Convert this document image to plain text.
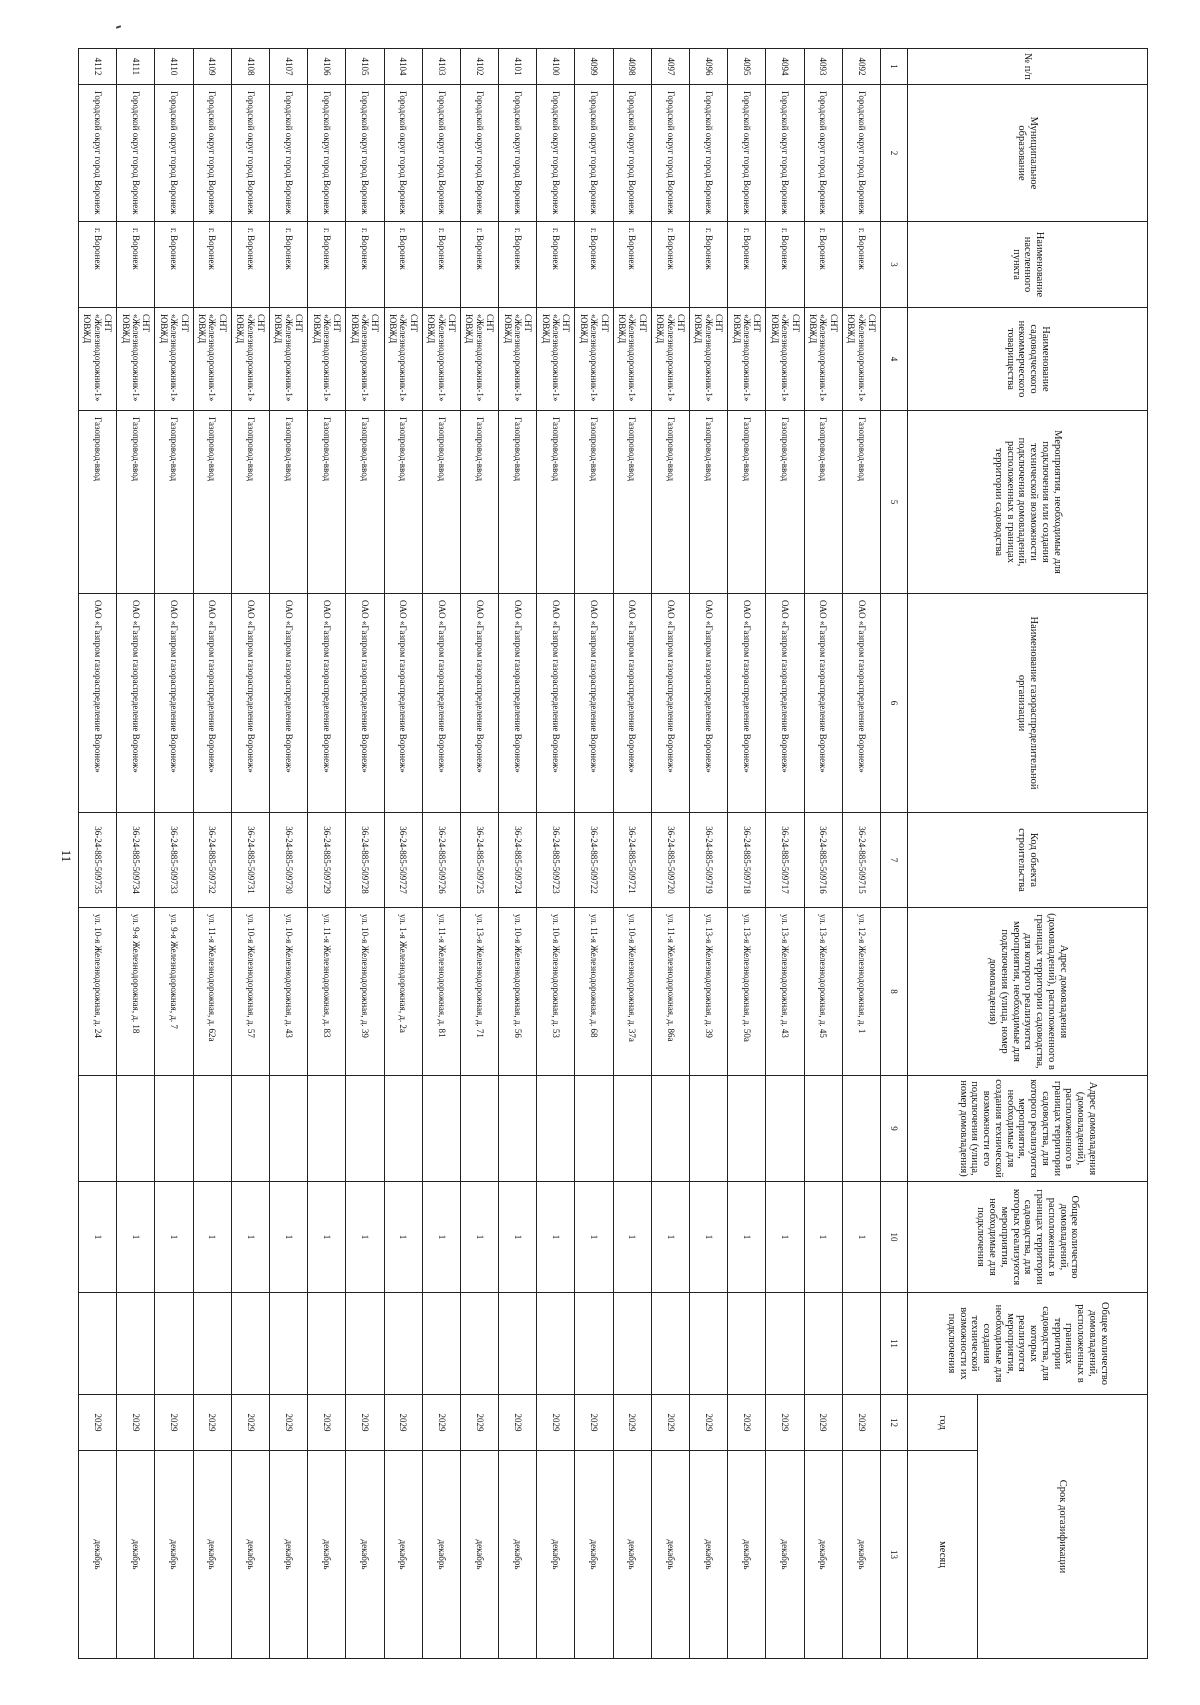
11
№ п/п	Муниципальное образование	Наименование населенного пункта	Наименование садоводческого некоммерческого товарищества	Мероприятия, необходимые для подключения или создания технической возможности подключения домовладений, расположенных в границах территории садоводства	Наименование газораспределительной организации	Код объекта строительства	Адрес домовладения (домовладений), расположенного в границах территории садоводства, для которого реализуются мероприятия, необходимые для подключения (улица, номер домовладения)	Адрес домовладения (домовладений), расположенного в границах территории садоводства, для которого реализуются мероприятия, необходимые для создания технической возможности его подключения (улица, номер домовладения)	Общее количество домовладений, расположенных в границах территории садоводства, для которых реализуются мероприятия, необходимые для подключения	Общее количество домовладений, расположенных в границах территории садоводства, для которых реализуются мероприятия, необходимые для создания технической возможности их подключения	Срок догазификации	
											год	месяц
1	2	3	4	5	6	7	8	9	10	11	12	13
4092	Городской округ город Воронеж	г. Воронеж	СНТ «Железнодорожник-1» ЮВЖД	Газопровод-ввод	ОАО «Газпром газораспределение Воронеж»	36-24-885-509715	ул. 12-я Железнодорожная, д. 1		1		2029	декабрь
4093	Городской округ город Воронеж	г. Воронеж	СНТ «Железнодорожник-1» ЮВЖД	Газопровод-ввод	ОАО «Газпром газораспределение Воронеж»	36-24-885-509716	ул. 13-я Железнодорожная, д. 45		1		2029	декабрь
4094	Городской округ город Воронеж	г. Воронеж	СНТ «Железнодорожник-1» ЮВЖД	Газопровод-ввод	ОАО «Газпром газораспределение Воронеж»	36-24-885-509717	ул. 13-я Железнодорожная, д. 43		1		2029	декабрь
4095	Городской округ город Воронеж	г. Воронеж	СНТ «Железнодорожник-1» ЮВЖД	Газопровод-ввод	ОАО «Газпром газораспределение Воронеж»	36-24-885-509718	ул. 13-я Железнодорожная, д. 50а		1		2029	декабрь
4096	Городской округ город Воронеж	г. Воронеж	СНТ «Железнодорожник-1» ЮВЖД	Газопровод-ввод	ОАО «Газпром газораспределение Воронеж»	36-24-885-509719	ул. 13-я Железнодорожная, д. 39		1		2029	декабрь
4097	Городской округ город Воронеж	г. Воронеж	СНТ «Железнодорожник-1» ЮВЖД	Газопровод-ввод	ОАО «Газпром газораспределение Воронеж»	36-24-885-509720	ул. 11-я Железнодорожная, д. 86а		1		2029	декабрь
4098	Городской округ город Воронеж	г. Воронеж	СНТ «Железнодорожник-1» ЮВЖД	Газопровод-ввод	ОАО «Газпром газораспределение Воронеж»	36-24-885-509721	ул. 10-я Железнодорожная, д. 37а		1		2029	декабрь
4099	Городской округ город Воронеж	г. Воронеж	СНТ «Железнодорожник-1» ЮВЖД	Газопровод-ввод	ОАО «Газпром газораспределение Воронеж»	36-24-885-509722	ул. 11-я Железнодорожная, д. 68		1		2029	декабрь
4100	Городской округ город Воронеж	г. Воронеж	СНТ «Железнодорожник-1» ЮВЖД	Газопровод-ввод	ОАО «Газпром газораспределение Воронеж»	36-24-885-509723	ул. 10-я Железнодорожная, д. 53		1		2029	декабрь
4101	Городской округ город Воронеж	г. Воронеж	СНТ «Железнодорожник-1» ЮВЖД	Газопровод-ввод	ОАО «Газпром газораспределение Воронеж»	36-24-885-509724	ул. 10-я Железнодорожная, д. 56		1		2029	декабрь
4102	Городской округ город Воронеж	г. Воронеж	СНТ «Железнодорожник-1» ЮВЖД	Газопровод-ввод	ОАО «Газпром газораспределение Воронеж»	36-24-885-509725	ул. 13-я Железнодорожная, д. 71		1		2029	декабрь
4103	Городской округ город Воронеж	г. Воронеж	СНТ «Железнодорожник-1» ЮВЖД	Газопровод-ввод	ОАО «Газпром газораспределение Воронеж»	36-24-885-509726	ул. 11-я Железнодорожная, д. 81		1		2029	декабрь
4104	Городской округ город Воронеж	г. Воронеж	СНТ «Железнодорожник-1» ЮВЖД	Газопровод-ввод	ОАО «Газпром газораспределение Воронеж»	36-24-885-509727	ул. 1-я Железнодорожная, д. 2а		1		2029	декабрь
4105	Городской округ город Воронеж	г. Воронеж	СНТ «Железнодорожник-1» ЮВЖД	Газопровод-ввод	ОАО «Газпром газораспределение Воронеж»	36-24-885-509728	ул. 10-я Железнодорожная, д. 39		1		2029	декабрь
4106	Городской округ город Воронеж	г. Воронеж	СНТ «Железнодорожник-1» ЮВЖД	Газопровод-ввод	ОАО «Газпром газораспределение Воронеж»	36-24-885-509729	ул. 11-я Железнодорожная, д. 83		1		2029	декабрь
4107	Городской округ город Воронеж	г. Воронеж	СНТ «Железнодорожник-1» ЮВЖД	Газопровод-ввод	ОАО «Газпром газораспределение Воронеж»	36-24-885-509730	ул. 10-я Железнодорожная, д. 43		1		2029	декабрь
4108	Городской округ город Воронеж	г. Воронеж	СНТ «Железнодорожник-1» ЮВЖД	Газопровод-ввод	ОАО «Газпром газораспределение Воронеж»	36-24-885-509731	ул. 10-я Железнодорожная, д. 57		1		2029	декабрь
4109	Городской округ город Воронеж	г. Воронеж	СНТ «Железнодорожник-1» ЮВЖД	Газопровод-ввод	ОАО «Газпром газораспределение Воронеж»	36-24-885-509732	ул. 11-я Железнодорожная, д. 62а		1		2029	декабрь
4110	Городской округ город Воронеж	г. Воронеж	СНТ «Железнодорожник-1» ЮВЖД	Газопровод-ввод	ОАО «Газпром газораспределение Воронеж»	36-24-885-509733	ул. 9-я Железнодорожная, д. 7		1		2029	декабрь
4111	Городской округ город Воронеж	г. Воронеж	СНТ «Железнодорожник-1» ЮВЖД	Газопровод-ввод	ОАО «Газпром газораспределение Воронеж»	36-24-885-509734	ул. 9-я Железнодорожная, д. 18		1		2029	декабрь
4112	Городской округ город Воронеж	г. Воронеж	СНТ «Железнодорожник-1» ЮВЖД	Газопровод-ввод	ОАО «Газпром газораспределение Воронеж»	36-24-885-509735	ул. 10-я Железнодорожная, д. 24		1		2029	декабрь
